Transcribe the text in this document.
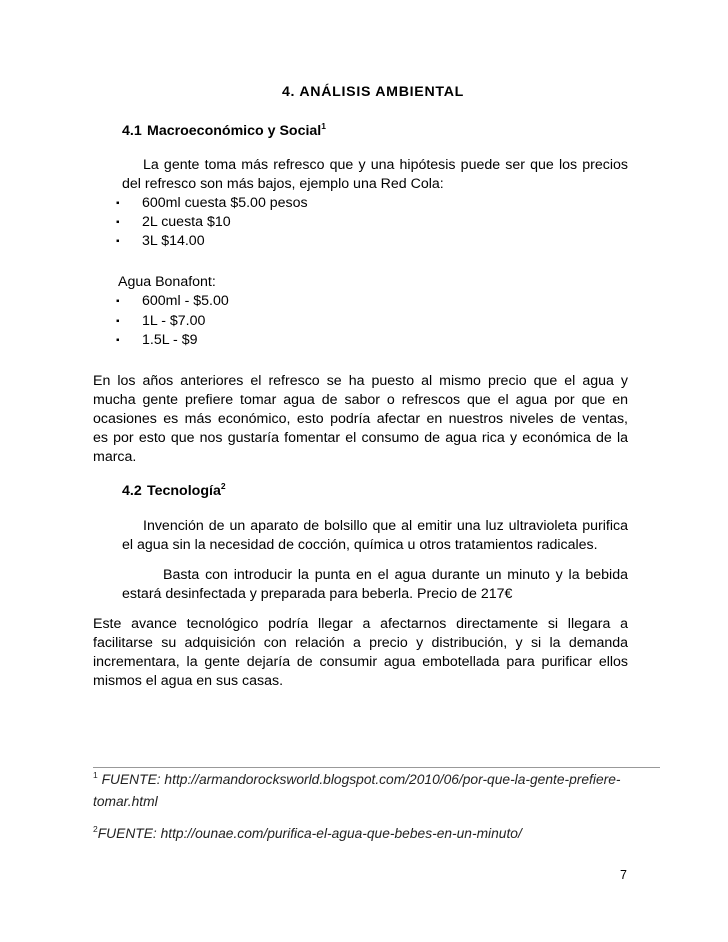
4. ANÁLISIS AMBIENTAL
4.1 Macroeconómico y Social$^1$
La gente toma más refresco que y una hipótesis puede ser que los precios
del refresco son más bajos, ejemplo una Red Cola:
▪ 600ml cuesta $5.00 pesos
▪ 2L cuesta $10
▪ 3L $14.00
Agua Bonafont:
▪ 600ml - $5.00
▪ 1L - $7.00
▪ 1.5L - $9
En los años anteriores el refresco se ha puesto al mismo precio que el agua y
mucha gente prefiere tomar agua de sabor o refrescos que el agua por que en
ocasiones es más económico, esto podría afectar en nuestros niveles de ventas,
es por esto que nos gustaría fomentar el consumo de agua rica y económica de la
marca.
4.2 Tecnología$^2$
Invención de un aparato de bolsillo que al emitir una luz ultravioleta purifica
el agua sin la necesidad de cocción, química u otros tratamientos radicales.
Basta con introducir la punta en el agua durante un minuto y la bebida
estará desinfectada y preparada para beberla. Precio de 217€
Este avance tecnológico podría llegar a afectarnos directamente si llegara a
facilitarse su adquisición con relación a precio y distribución, y si la demanda
incrementara, la gente dejaría de consumir agua embotellada para purificar ellos
mismos el agua en sus casas.
$^1$ FUENTE: http://armandorocksworld.blogspot.com/2010/06/por-que-la-gente-prefiere-
tomar.html
$^2$FUENTE: http://ounae.com/purifica-el-agua-que-bebes-en-un-minuto/
7
